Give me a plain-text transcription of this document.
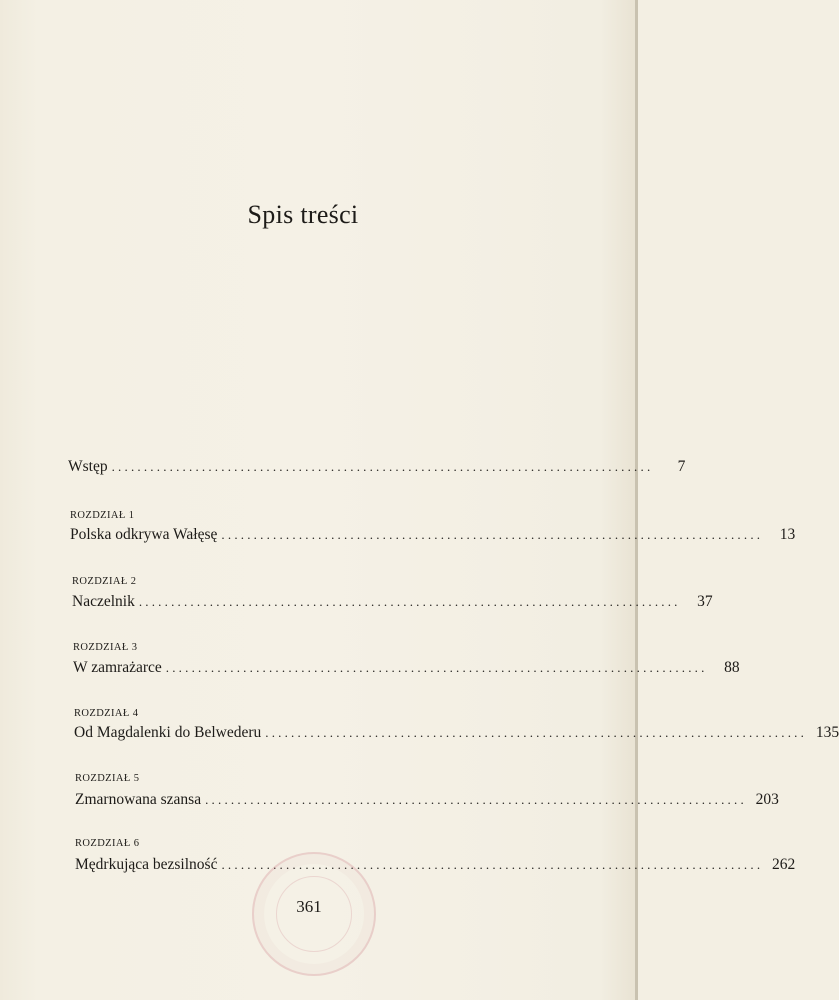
Spis treści
Wstęp ....................................................................................	7
ROZDZIAŁ 1
Polska odkrywa Wałęsę ....................................................................................	13
ROZDZIAŁ 2
Naczelnik ....................................................................................	37
ROZDZIAŁ 3
W zamrażarce ....................................................................................	88
ROZDZIAŁ 4
Od Magdalenki do Belwederu .................................................................................... 135
ROZDZIAŁ 5
Zmarnowana szansa .................................................................................... 203
ROZDZIAŁ 6
Mędrkująca bezsilność .................................................................................... 262
361
